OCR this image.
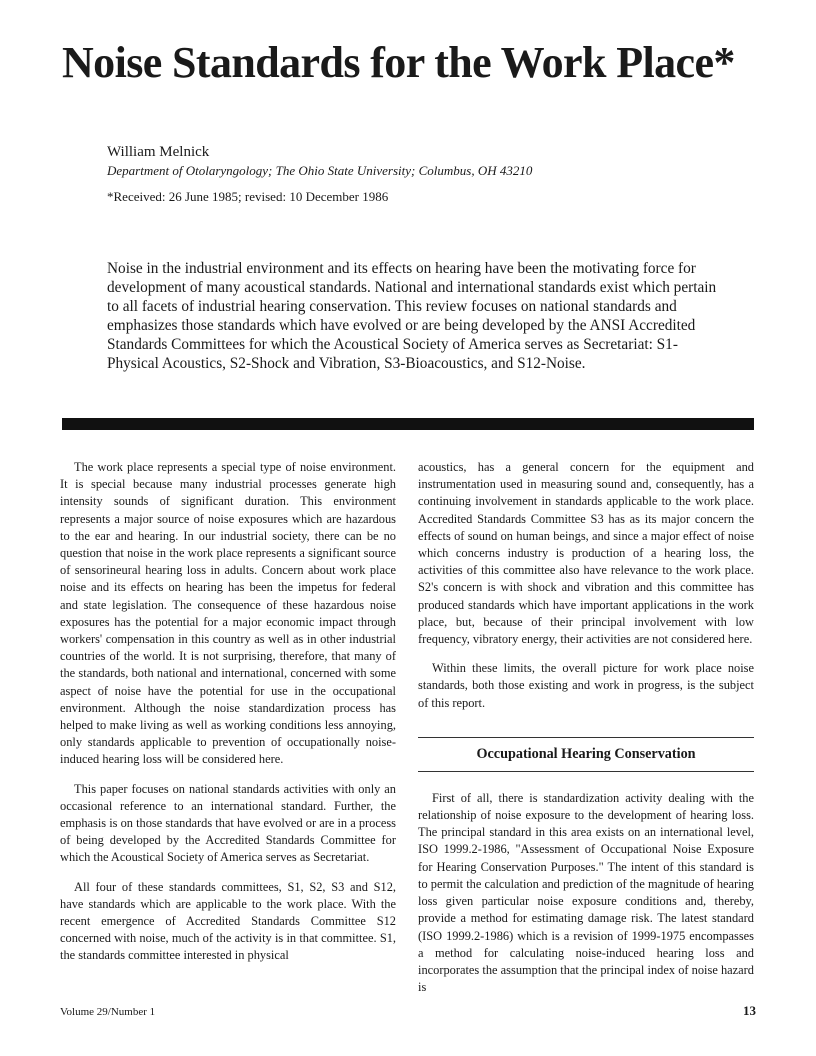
Noise Standards for the Work Place*
William Melnick
Department of Otolaryngology; The Ohio State University; Columbus, OH 43210
*Received: 26 June 1985; revised: 10 December 1986

Noise in the industrial environment and its effects on hearing have been the motivating force for development of many acoustical standards. National and international standards exist which pertain to all facets of industrial hearing conservation. This review focuses on national standards and emphasizes those standards which have evolved or are being developed by the ANSI Accredited Standards Committees for which the Acoustical Society of America serves as Secretariat: S1-Physical Acoustics, S2-Shock and Vibration, S3-Bioacoustics, and S12-Noise.

The work place represents a special type of noise environment. It is special because many industrial processes generate high intensity sounds of significant duration. This environment represents a major source of noise exposures which are hazardous to the ear and hearing. In our industrial society, there can be no question that noise in the work place represents a significant source of sensorineural hearing loss in adults. Concern about work place noise and its effects on hearing has been the impetus for federal and state legislation. The consequence of these hazardous noise exposures has the potential for a major economic impact through workers' compensation in this country as well as in other industrial countries of the world. It is not surprising, therefore, that many of the standards, both national and international, concerned with some aspect of noise have the potential for use in the occupational environment. Although the noise standardization process has helped to make living as well as working conditions less annoying, only standards applicable to prevention of occupationally noise-induced hearing loss will be considered here.

This paper focuses on national standards activities with only an occasional reference to an international standard. Further, the emphasis is on those standards that have evolved or are in a process of being developed by the Accredited Standards Committee for which the Acoustical Society of America serves as Secretariat.

All four of these standards committees, S1, S2, S3 and S12, have standards which are applicable to the work place. With the recent emergence of Accredited Standards Committee S12 concerned with noise, much of the activity is in that committee. S1, the standards committee interested in physical

acoustics, has a general concern for the equipment and instrumentation used in measuring sound and, consequently, has a continuing involvement in standards applicable to the work place. Accredited Standards Committee S3 has as its major concern the effects of sound on human beings, and since a major effect of noise which concerns industry is production of a hearing loss, the activities of this committee also have relevance to the work place. S2's concern is with shock and vibration and this committee has produced standards which have important applications in the work place, but, because of their principal involvement with low frequency, vibratory energy, their activities are not considered here.

Within these limits, the overall picture for work place noise standards, both those existing and work in progress, is the subject of this report.

Occupational Hearing Conservation

First of all, there is standardization activity dealing with the relationship of noise exposure to the development of hearing loss. The principal standard in this area exists on an international level, ISO 1999.2-1986, "Assessment of Occupational Noise Exposure for Hearing Conservation Purposes." The intent of this standard is to permit the calculation and prediction of the magnitude of hearing loss given particular noise exposure conditions and, thereby, provide a method for estimating damage risk. The latest standard (ISO 1999.2-1986) which is a revision of 1999-1975 encompasses a method for calculating noise-induced hearing loss and incorporates the assumption that the principal index of noise hazard is

Volume 29/Number 1	13
